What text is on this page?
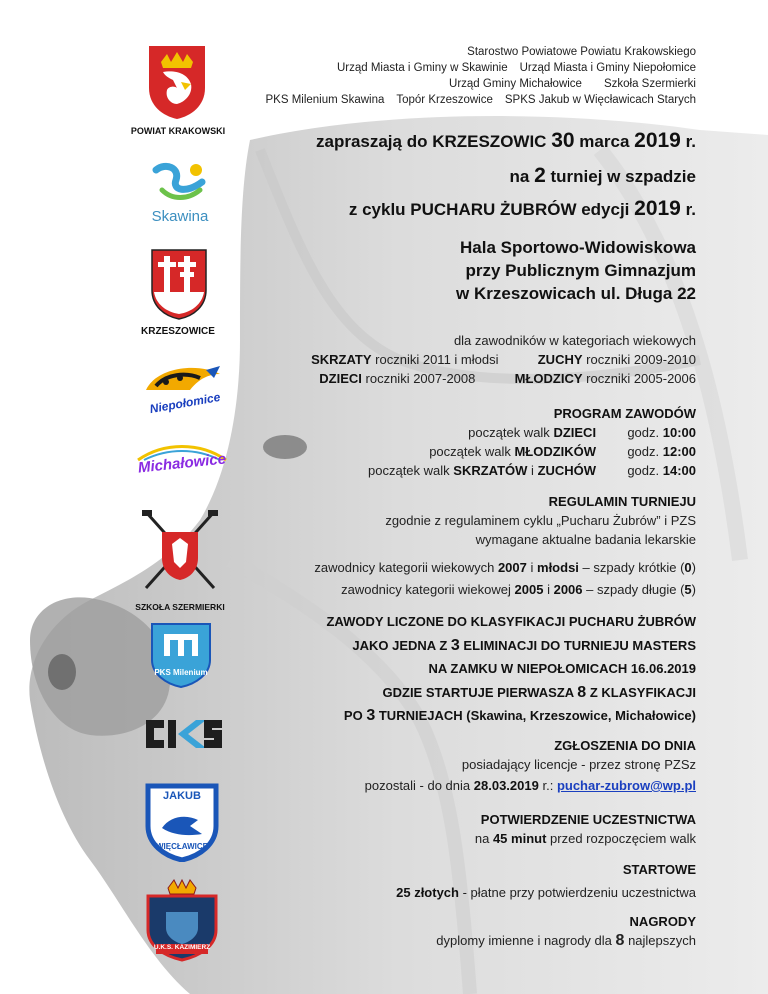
POWIAT KRAKOWSKI
Skawina
KRZESZOWICE
Niepołomice
Michałowice
SZKOŁA SZERMIERKI
PKS Milenium
JAKUB
WIĘCŁAWICE
U.K.S. KAZIMIERZ
Starostwo Powiatowe Powiatu Krakowskiego
Urząd Miasta i Gminy w Skawinie Urząd Miasta i Gminy Niepołomice
Urząd Gminy Michałowice Szkoła Szermierki
PKS Milenium Skawina Topór Krzeszowice SPKS Jakub w Więcławicach Starych
zapraszają do KRZESZOWIC 30 marca 2019 r.
na 2 turniej w szpadzie
z cyklu PUCHARU ŻUBRÓW edycji 2019 r.
Hala Sportowo-Widowiskowa
przy Publicznym Gimnazjum
w Krzeszowicach ul. Długa 22
dla zawodników w kategoriach wiekowych
SKRZATY roczniki 2011 i młodsi	ZUCHY roczniki 2009-2010
DZIECI roczniki 2007-2008	MŁODZICY roczniki 2005-2006
PROGRAM ZAWODÓW
początek walk DZIECI godz. 10:00
początek walk MŁODZIKÓW godz. 12:00
początek walk SKRZATÓW i ZUCHÓW godz. 14:00
REGULAMIN TURNIEJU
zgodnie z regulaminem cyklu „Pucharu Żubrów” i PZS
wymagane aktualne badania lekarskie
zawodnicy kategorii wiekowych 2007 i młodsi – szpady krótkie (0)
zawodnicy kategorii wiekowej 2005 i 2006 – szpady długie (5)
ZAWODY LICZONE DO KLASYFIKACJI PUCHARU ŻUBRÓW
JAKO JEDNA Z 3 ELIMINACJI DO TURNIEJU MASTERS
NA ZAMKU W NIEPOŁOMICACH 16.06.2019
GDZIE STARTUJE PIERWASZA 8 Z KLASYFIKACJI
PO 3 TURNIEJACH (Skawina, Krzeszowice, Michałowice)
ZGŁOSZENIA DO DNIA
posiadający licencje - przez stronę PZSz
pozostali - do dnia 28.03.2019 r.: puchar-zubrow@wp.pl
POTWIERDZENIE UCZESTNICTWA
na 45 minut przed rozpoczęciem walk
STARTOWE
25 złotych - płatne przy potwierdzeniu uczestnictwa
NAGRODY
dyplomy imienne i nagrody dla 8 najlepszych
